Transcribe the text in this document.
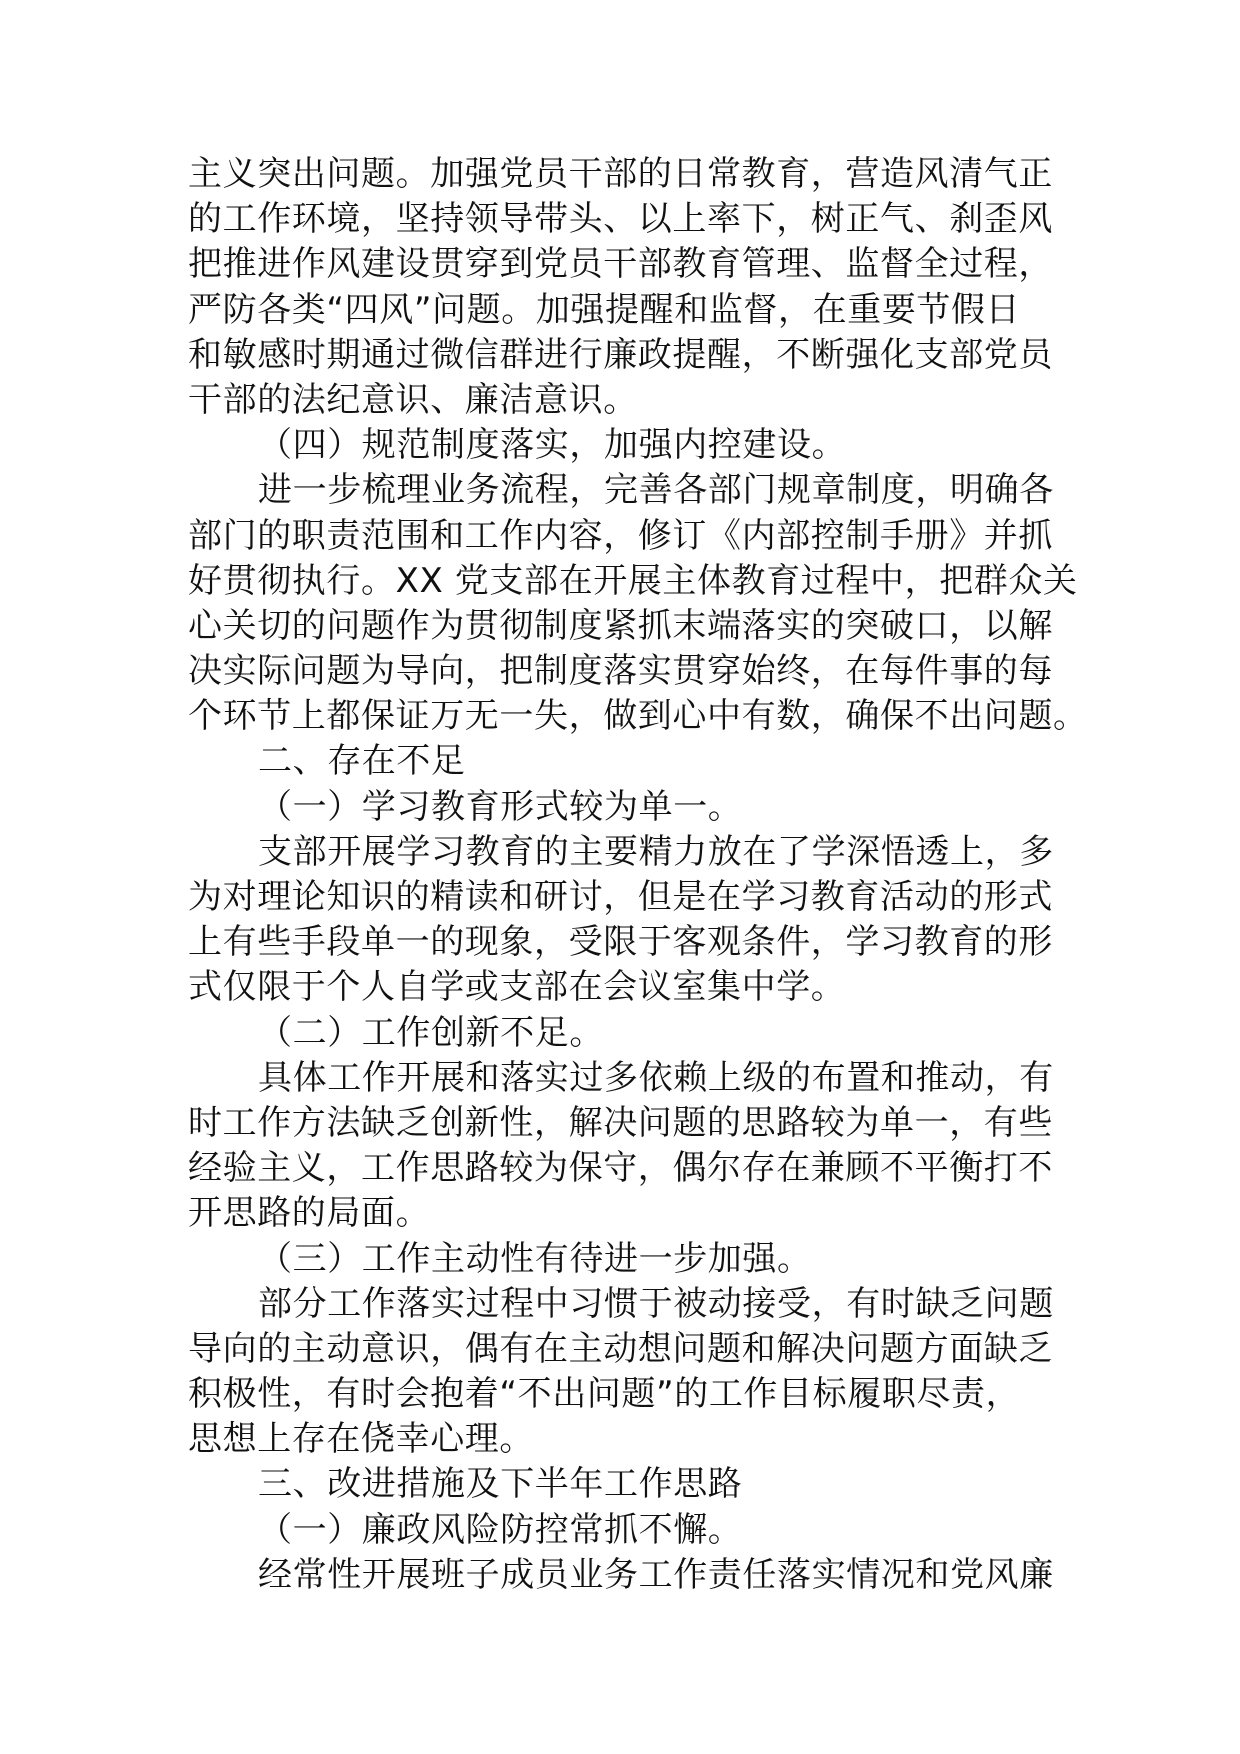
主义突出问题。加强党员干部的日常教育，营造风清气正
的工作环境，坚持领导带头、以上率下，树正气、刹歪风
把推进作风建设贯穿到党员干部教育管理、监督全过程，
严防各类“四风”问题。加强提醒和监督，在重要节假日
和敏感时期通过微信群进行廉政提醒，不断强化支部党员
干部的法纪意识、廉洁意识。
（四）规范制度落实，加强内控建设。
进一步梳理业务流程，完善各部门规章制度，明确各
部门的职责范围和工作内容，修订《内部控制手册》并抓
好贯彻执行。XX 党支部在开展主体教育过程中，把群众关
心关切的问题作为贯彻制度紧抓末端落实的突破口，以解
决实际问题为导向，把制度落实贯穿始终，在每件事的每
个环节上都保证万无一失，做到心中有数，确保不出问题。
二、存在不足
（一）学习教育形式较为单一。
支部开展学习教育的主要精力放在了学深悟透上，多
为对理论知识的精读和研讨，但是在学习教育活动的形式
上有些手段单一的现象，受限于客观条件，学习教育的形
式仅限于个人自学或支部在会议室集中学。
（二）工作创新不足。
具体工作开展和落实过多依赖上级的布置和推动，有
时工作方法缺乏创新性，解决问题的思路较为单一，有些
经验主义，工作思路较为保守，偶尔存在兼顾不平衡打不
开思路的局面。
（三）工作主动性有待进一步加强。
部分工作落实过程中习惯于被动接受，有时缺乏问题
导向的主动意识，偶有在主动想问题和解决问题方面缺乏
积极性，有时会抱着“不出问题”的工作目标履职尽责，
思想上存在侥幸心理。
三、改进措施及下半年工作思路
（一）廉政风险防控常抓不懈。
经常性开展班子成员业务工作责任落实情况和党风廉
